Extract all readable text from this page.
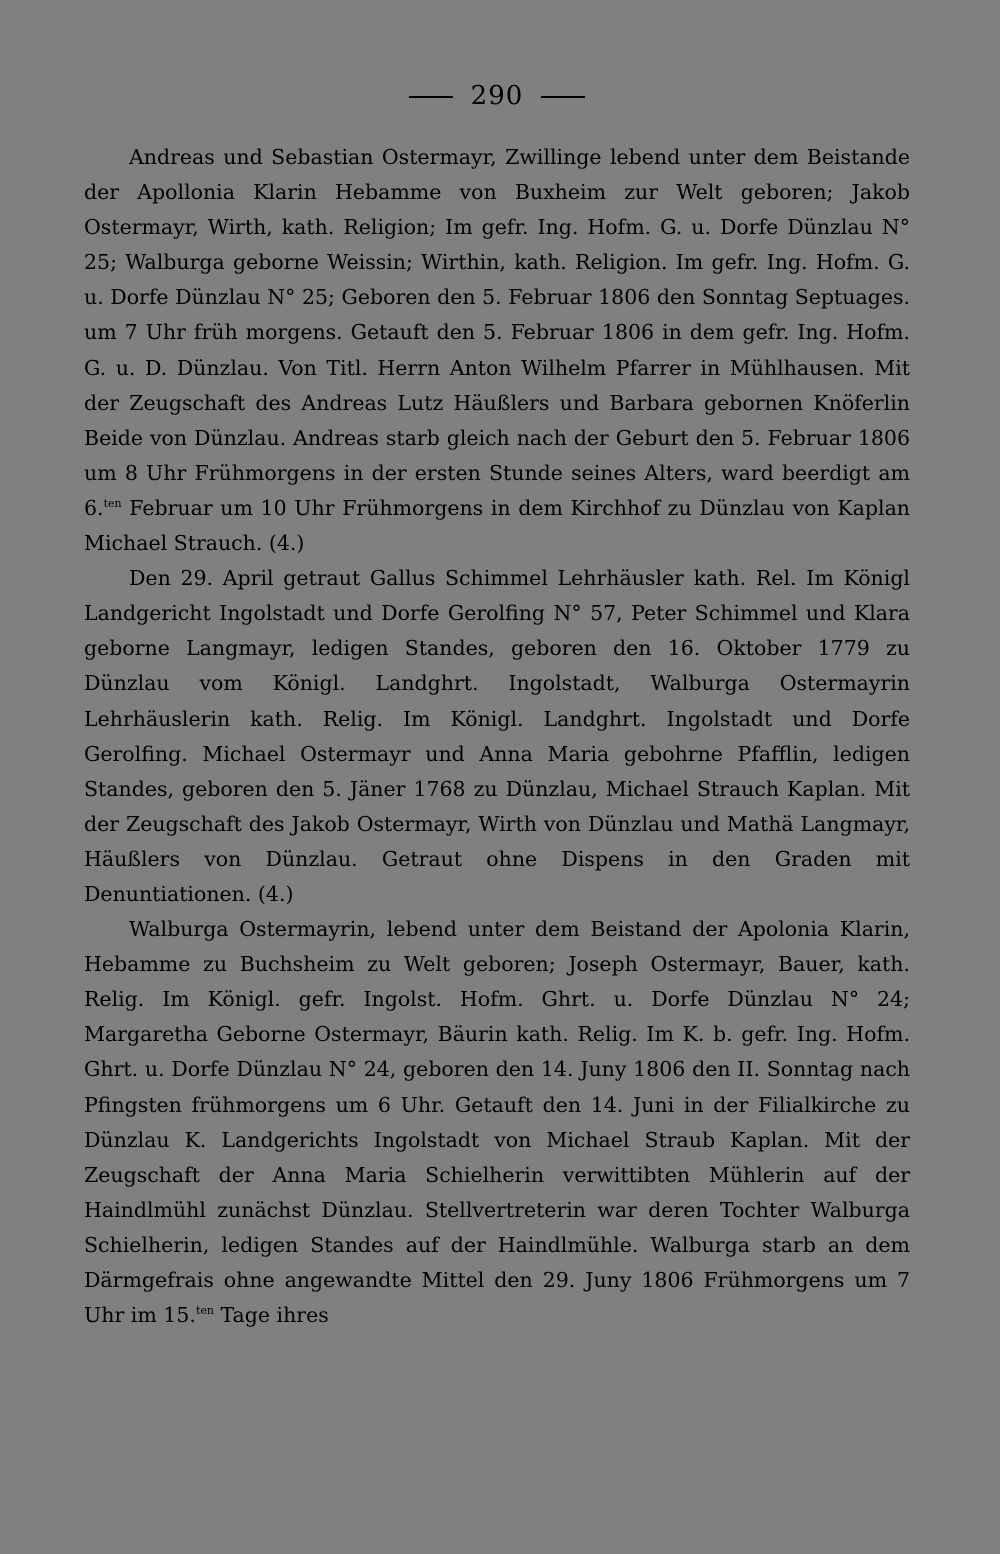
290

Andreas und Sebastian Ostermayr, Zwillinge lebend unter dem Beistande der Apollonia Klarin Hebamme von Buxheim zur Welt geboren; Jakob Ostermayr, Wirth, kath. Religion; Im gefr. Ing. Hofm. G. u. Dorfe Dünzlau N° 25; Walburga geborne Weissin; Wirthin, kath. Religion. Im gefr. Ing. Hofm. G. u. Dorfe Dünzlau N° 25; Geboren den 5. Februar 1806 den Sonntag Septuages. um 7 Uhr früh morgens. Getauft den 5. Februar 1806 in dem gefr. Ing. Hofm. G. u. D. Dünzlau. Von Titl. Herrn Anton Wilhelm Pfarrer in Mühlhausen. Mit der Zeugschaft des Andreas Lutz Häußlers und Barbara gebornen Knöferlin Beide von Dünzlau. Andreas starb gleich nach der Geburt den 5. Februar 1806 um 8 Uhr Frühmorgens in der ersten Stunde seines Alters, ward beerdigt am 6.$^{ten}$ Februar um 10 Uhr Frühmorgens in dem Kirchhof zu Dünzlau von Kaplan Michael Strauch. (4.)

Den 29. April getraut Gallus Schimmel Lehrhäusler kath. Rel. Im Königl Landgericht Ingolstadt und Dorfe Gerolfing N° 57, Peter Schimmel und Klara geborne Langmayr, ledigen Standes, geboren den 16. Oktober 1779 zu Dünzlau vom Königl. Landghrt. Ingolstadt, Walburga Ostermayrin Lehrhäuslerin kath. Relig. Im Königl. Landghrt. Ingolstadt und Dorfe Gerolfing. Michael Ostermayr und Anna Maria gebohrne Pfafflin, ledigen Standes, geboren den 5. Jäner 1768 zu Dünzlau, Michael Strauch Kaplan. Mit der Zeugschaft des Jakob Ostermayr, Wirth von Dünzlau und Mathä Langmayr, Häußlers von Dünzlau. Getraut ohne Dispens in den Graden mit Denuntiationen. (4.)

Walburga Ostermayrin, lebend unter dem Beistand der Apolonia Klarin, Hebamme zu Buchsheim zu Welt geboren; Joseph Ostermayr, Bauer, kath. Relig. Im Königl. gefr. Ingolst. Hofm. Ghrt. u. Dorfe Dünzlau N° 24; Margaretha Geborne Ostermayr, Bäurin kath. Relig. Im K. b. gefr. Ing. Hofm. Ghrt. u. Dorfe Dünzlau N° 24, geboren den 14. Juny 1806 den II. Sonntag nach Pfingsten frühmorgens um 6 Uhr. Getauft den 14. Juni in der Filialkirche zu Dünzlau K. Landgerichts Ingolstadt von Michael Straub Kaplan. Mit der Zeugschaft der Anna Maria Schielherin verwittibten Mühlerin auf der Haindlmühl zunächst Dünzlau. Stellvertreterin war deren Tochter Walburga Schielherin, ledigen Standes auf der Haindlmühle. Walburga starb an dem Därmgefrais ohne angewandte Mittel den 29. Juny 1806 Frühmorgens um 7 Uhr im 15.$^{ten}$ Tage ihres
